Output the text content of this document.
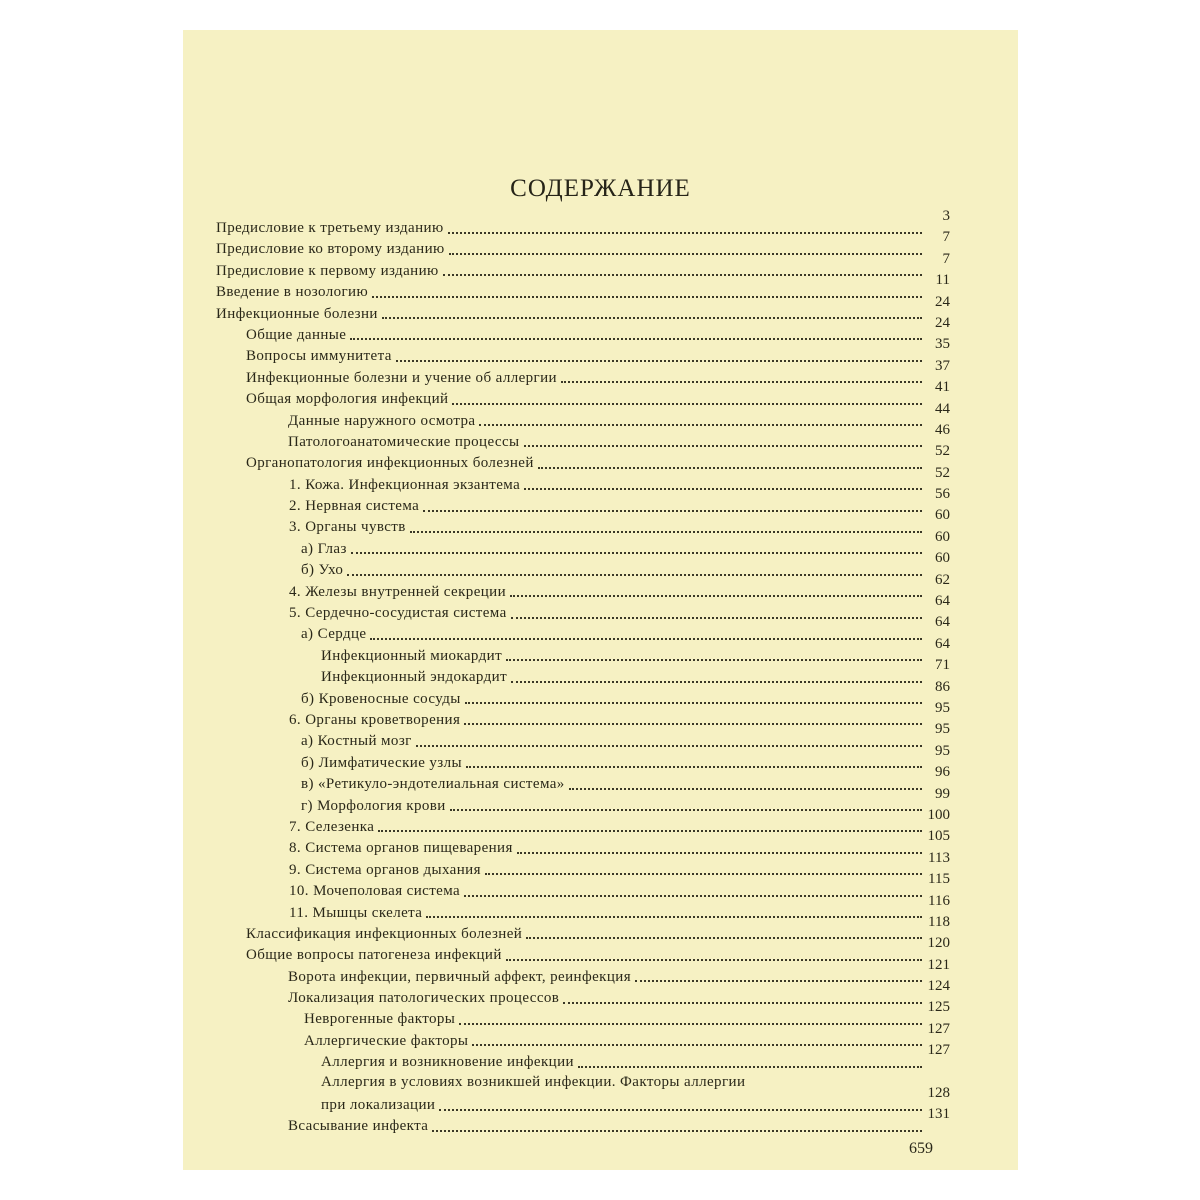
СОДЕРЖАНИЕ
Предисловие к третьему изданию
3
Предисловие ко второму изданию
7
Предисловие к первому изданию
7
Введение в нозологию
11
Инфекционные болезни
24
Общие данные
24
Вопросы иммунитета
35
Инфекционные болезни и учение об аллергии
37
Общая морфология инфекций
41
Данные наружного осмотра
44
Патологоанатомические процессы
46
Органопатология инфекционных болезней
52
1. Кожа. Инфекционная экзантема
52
2. Нервная система
56
3. Органы чувств
60
а) Глаз
60
б) Ухо
60
4. Железы внутренней секреции
62
5. Сердечно-сосудистая система
64
а) Сердце
64
Инфекционный миокардит
64
Инфекционный эндокардит
71
б) Кровеносные сосуды
86
6. Органы кроветворения
95
а) Костный мозг
95
б) Лимфатические узлы
95
в) «Ретикуло-эндотелиальная система»
96
г) Морфология крови
99
7. Селезенка
100
8. Система органов пищеварения
105
9. Система органов дыхания
113
10. Мочеполовая система
115
11. Мышцы скелета
116
Классификация инфекционных болезней
118
Общие вопросы патогенеза инфекций
120
Ворота инфекции, первичный аффект, реинфекция
121
Локализация патологических процессов
124
Неврогенные факторы
125
Аллергические факторы
127
Аллергия и возникновение инфекции
127
Аллергия в условиях возникшей инфекции. Факторы аллергии
при локализации
128
Всасывание инфекта
131
659
